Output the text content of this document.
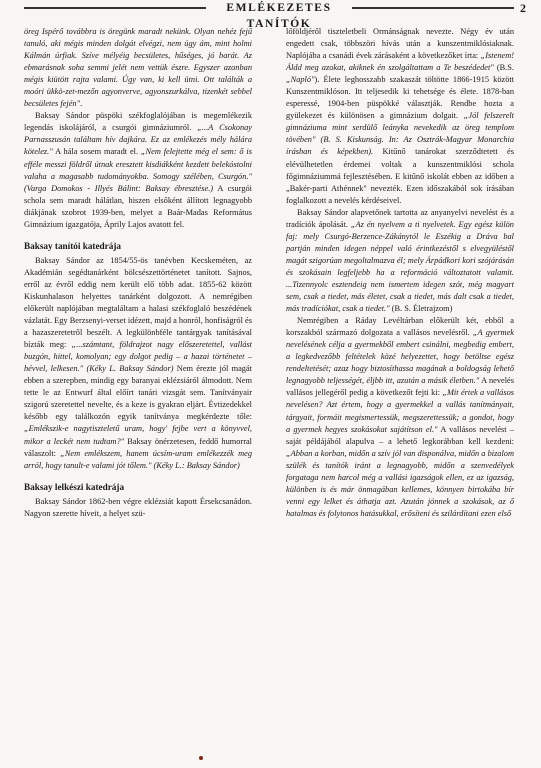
EMLÉKEZETES TANÍTÓK
2

öreg Ispérő továbbra is öregünk maradt nekünk. Olyan nehéz fejű tanuló, aki mégis minden dolgát elvégzi, nem úgy ám, mint holmi Kálmán úrfiak. Szíve mélyéig becsületes, hűséges, jó barát. Az ebmarásnak soha semmi jelét nem vettük észre. Egyszer azonban mégis kiütött rajta valami. Úgy van, ki kell ütni. Ott találták a moóri ükkö-zet-mezőn agyonverve, agyonszurkálva, tizenkét sebbel becsületes fején".

Baksay Sándor püspöki székfoglalójában is megemlékezik legendás iskolájáról, a csurgói gimnáziumról. „...A Csokonay Parnasszusán találtam hív dajkára. Ez az emlékezés mély hálára kötelez." A hála sosem maradt el. „Nem felejtette még el sem: ő is efféle messzi földről útnak eresztett kisdiákként kezdett belekóstolni valaha a magasabb tudományokba. Somogy szélében, Csurgón." (Varga Domokos - Illyés Bálint: Baksay ébresztése.) A csurgói schola sem maradt hálátlan, hiszen elsőként állított legnagyobb diákjának szobrot 1939-ben, melyet a Baár-Madas Református Gimnázium igazgatója, Áprily Lajos avatott fel.

Baksay tanítói katedrája

Baksay Sándor az 1854/55-ös tanévben Kecskeméten, az Akadémián segédtanárként bölcsészettörténetet tanított. Sajnos, erről az évről eddig nem került elő több adat. 1855-62 között Kiskunhalason helyettes tanárként dolgozott. A nemrégiben előkerült naplójában megtaláltam a halasi székfoglaló beszédének vázlatát. Egy Berzsenyi-verset idézett, majd a honról, honfiságról és a hazaszeretetről beszélt. A legkülönbféle tantárgyak tanításával bízták meg: „...számtant, földrajzot nagy előszeretettel, vallást buzgón, hittel, komolyan; egy dolgot pedig – a hazai történetet – hévvel, lelkesen." (Kéky L. Baksay Sándor) Nem érezte jól magát ebben a szerepben, mindig egy baranyai eklézsiáról álmodott. Nem tette le az Entwurf által előírt tanári vizsgát sem. Tanítványair szigorú szeretettel nevelte, és a keze is gyakran eljárt. Évtizedekkel később egy találkozón egyik tanítványa megkérdezte tőle: „Emlékszik-e nagytiszteletű uram, hogy' fejbe vert a könyvvel, mikor a leckét nem tudtam?" Baksay önérzetesen, feddő humorral válaszolt: „Nem emlékszem, hanem úcsím-uram emlékezzék meg arról, hogy tanult-e valami jót tőlem." (Kéky L.: Baksay Sándor)

Baksay lelkészi katedrája

Baksay Sándor 1862-ben végre eklézsiát kapott Érsekcsanádon. Nagyon szerette híveit, a helyet szü-

lőföldjéről tiszteletbeli Ormánságnak nevezte. Négy év után engedett csak, többszöri hívás után a kunszentmiklósiaknak. Naplójába a csanádi évek zárásaként a következőket írta: „Istenem! Áldd meg azokat, akiknek én szolgáltattam a Te beszédedet" (B.S. „Napló"). Élete leghosszabb szakaszát töltötte 1866-1915 között Kunszentmiklóson. Itt teljesedik ki tehetsége és élete. 1878-ban esperessé, 1904-ben püspökké választják. Rendbe hozta a gyülekezet és különösen a gimnázium dolgait. „Jól felszerelt gimnáziuma mint serdülő leánykа nevekedik az öreg templom tövében" (B. S. Kiskunság. In: Az Osztrák-Magyar Monarchia írásban és képekben). Kitűnő tanárokat szerződtetett és elévülhetetlen érdemei voltak a kunszentmiklósi schola főgimnáziummá fejlesztésében. E kitűnő iskolát ebben az időben a „Bakér-parti Athénnek" nevezték. Ezen időszakából sok írásában foglalkozott a nevelés kérdéseivel.

Baksay Sándor alapvetőnek tartotta az anyanyelvi nevelést és a tradíciók ápolását. „Az én nyelvem a ti nyelvetek. Egy egész külön faj: mely Csurgó-Berzence-Zákánytól le Eszékig a Dráva bal partján minden idegen néppel való érintkezéstől s elvegyüléstől magát szigorúan megoltalmazva él; mely Árpádkori kori szójárásán és szokásain legfeljebb ha a reformáció változtatott valamit. ...Tizennyolc esztendeig nem ismertem idegen szót, még magyart sem, csak a tiedet, más életet, csak a tiedet, más dalt csak a tiedet, más tradíciókat, csak a tiedet." (B. S. Életrajzom)

Nemrégiben a Ráday Levéltárban előkerült két, ebből a korszakból származó dolgozata a vallásos nevelésről. „A gyermek nevelésének célja a gyermekből embert csinálni, megbedig embert, a legkedvezőbb feltételek közé helyezettet, hogy betöltse egész rendeltetését; azaz hogy biztosíthassa magának a boldogság lehető legnagyobb teljességét, éljbb itt, azután a másik életben." A nevelés vallásos jellegéről pedig a következőt fejti ki: „Mit értek a vallásos nevelésen? Azt értem, hogy a gyermekkel a vallás tanítmányait, tárgyait, formáit megismertessük, megszerettessük; a gondot, hogy a gyermek hegyes szokásokat sajátítson el." A vallásos nevelést – saját példájából alapulva – a lehető legkorábban kell kezdeni: „Abban a korban, midőn a szív jól van disponálva, midőn a bizalom szülék és tanítók iránt a legnagyobb, midőn a szenvedélyek forgataga nem harcol még a vallási igazságok ellen, ez az igazság, különben is és már önmagában kellemes, könnyen birtokába bír venni egy lelket és áthatja azt. Azután jönnek a szokások, az ő hatalmas és folytonos hatásukkal, erősíteni és szilárdítani ezen első
